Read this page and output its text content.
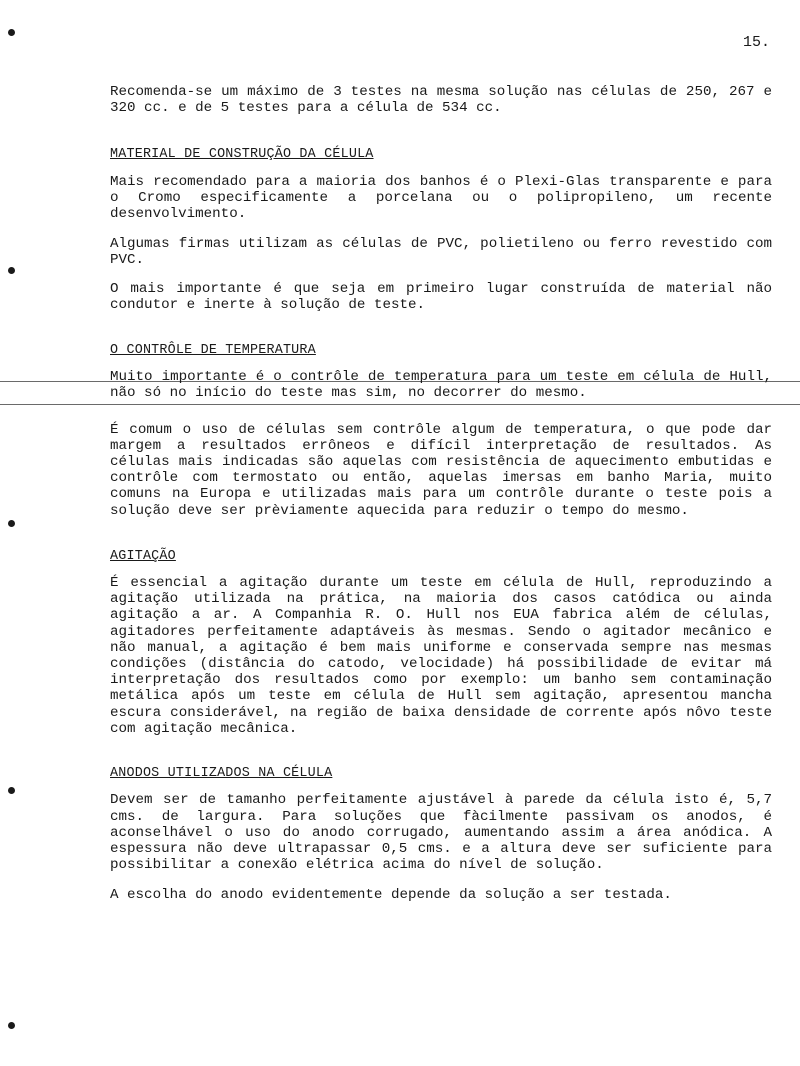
15.

Recomenda-se um máximo de 3 testes na mesma solução nas células de 250, 267 e 320 cc. e de 5 testes para a célula de 534 cc.

MATERIAL DE CONSTRUÇÃO DA CÉLULA

Mais recomendado para a maioria dos banhos é o Plexi-Glas transparente e para o Cromo especificamente a porcelana ou o polipropileno, um recente desenvolvimento.

Algumas firmas utilizam as células de PVC, polietileno ou ferro revestido com PVC.

O mais importante é que seja em primeiro lugar construída de material não condutor e inerte à solução de teste.

O CONTRÔLE DE TEMPERATURA

Muito importante é o contrôle de temperatura para um teste em célula de Hull, não só no início do teste mas sim, no decorrer do mesmo.

É comum o uso de células sem contrôle algum de temperatura, o que pode dar margem a resultados errôneos e difícil interpretação de resultados. As células mais indicadas são aquelas com resistência de aquecimento embutidas e contrôle com termostato ou então, aquelas imersas em banho Maria, muito comuns na Europa e utilizadas mais para um contrôle durante o teste pois a solução deve ser prèviamente aquecida para reduzir o tempo do mesmo.

AGITAÇÃO

É essencial a agitação durante um teste em célula de Hull, reproduzindo a agitação utilizada na prática, na maioria dos casos catódica ou ainda agitação a ar. A Companhia R. O. Hull nos EUA fabrica além de células, agitadores perfeitamente adaptáveis às mesmas. Sendo o agitador mecânico e não manual, a agitação é bem mais uniforme e conservada sempre nas mesmas condições (distância do catodo, velocidade) há possibilidade de evitar má interpretação dos resultados como por exemplo: um banho sem contaminação metálica após um teste em célula de Hull sem agitação, apresentou mancha escura considerável, na região de baixa densidade de corrente após nôvo teste com agitação mecânica.

ANODOS UTILIZADOS NA CÉLULA

Devem ser de tamanho perfeitamente ajustável à parede da célula isto é, 5,7 cms. de largura. Para soluções que fàcilmente passivam os anodos, é aconselhável o uso do anodo corrugado, aumentando assim a área anódica. A espessura não deve ultrapassar 0,5 cms. e a altura deve ser suficiente para possibilitar a conexão elétrica acima do nível de solução.

A escolha do anodo evidentemente depende da solução a ser testada.
